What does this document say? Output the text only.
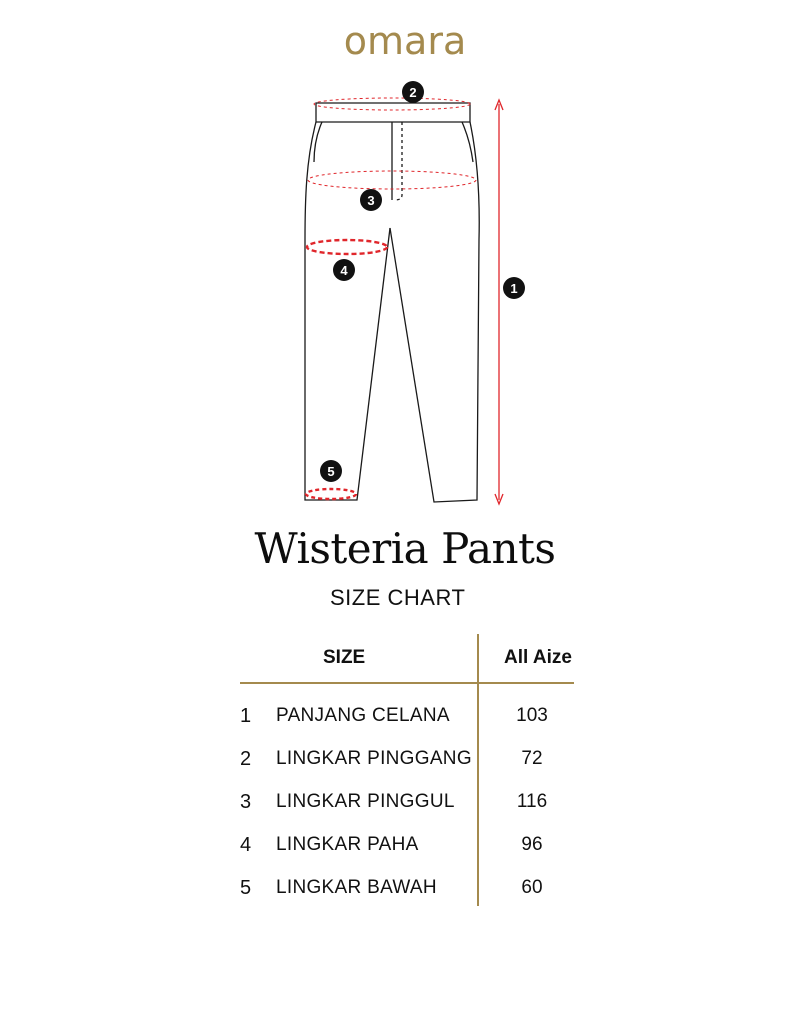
omara
1
2
3
4
5
Wisteria Pants
SIZE CHART
SIZE	All Aize
1 PANJANG CELANA	103
2 LINGKAR PINGGANG	72
3 LINGKAR PINGGUL	116
4 LINGKAR PAHA	96
5 LINGKAR BAWAH	60
